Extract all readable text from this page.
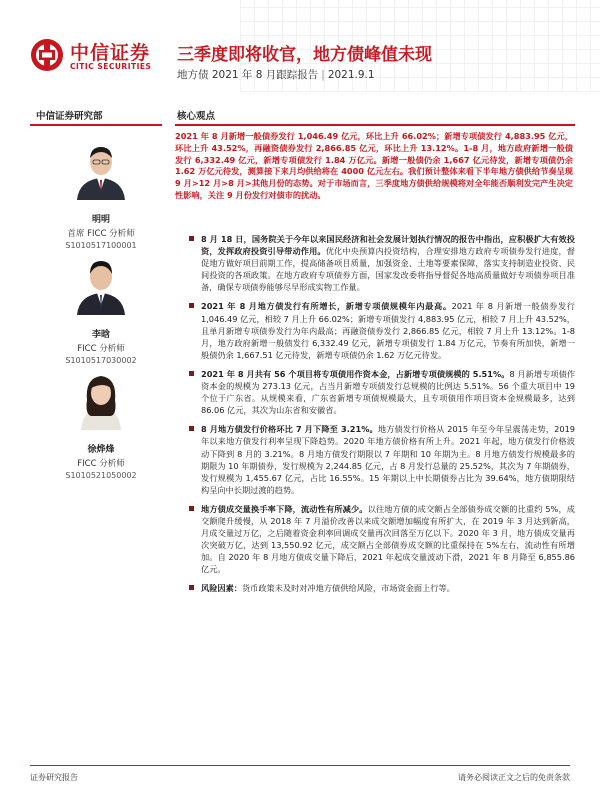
中信证券
CITIC SECURITIES
三季度即将收官，地方债峰值未现
地方债 2021 年 8 月跟踪报告 | 2021.9.1
中信证券研究部	核心观点
明明
首席 FICC 分析师
S1010517100001
李晗
FICC 分析师
S1010517030002
徐烨烽
FICC 分析师
S1010521050002
2021 年 8 月新增一般债券发行 1,046.49 亿元，环比上升 66.02%；新增专项债发行 4,883.95 亿元，环比上升 43.52%，再融资债券发行 2,866.85 亿元，环比上升 13.12%。1-8 月，地方政府新增一般债发行 6,332.49 亿元，新增专项债发行 1.84 万亿元。新增一般债仍余 1,667 亿元待发，新增专项债仍余 1.62 万亿元待发，测算接下来月均供给将在 4000 亿元左右。我们预计整体来看下半年地方债供给节奏呈现 9 月>12 月>8 月>其他月份的态势。对于市场而言，三季度地方债供给规模将对全年能否顺利发完产生决定性影响，关注 9 月份发行对债市的扰动。
8 月 18 日，国务院关于今年以来国民经济和社会发展计划执行情况的报告中指出，应积极扩大有效投资，发挥政府投资引导带动作用。优化中央预算内投资结构，合理安排地方政府专项债券发行进度，督促地方做好项目前期工作，提高储备项目质量，加强资金、土地等要素保障，落实支持制造业投资、民间投资的各项政策。在地方政府专项债券方面，国家发改委将指导督促各地高质量做好专项债券项目准备，确保专项债券能够尽早形成实物工作量。
2021 年 8 月地方债发行有所增长，新增专项债规模年内最高。2021 年 8 月新增一般债券发行 1,046.49 亿元，相较 7 月上升 66.02%；新增专项债发行 4,883.95 亿元，相较 7 月上升 43.52%，且单月新增专项债券发行为年内最高；再融资债券发行 2,866.85 亿元，相较 7 月上升 13.12%。1-8 月，地方政府新增一般债发行 6,332.49 亿元，新增专项债发行 1.84 万亿元，节奏有所加快，新增一般债仍余 1,667.51 亿元待发，新增专项债仍余 1.62 万亿元待发。
2021 年 8 月共有 56 个项目将专项债用作资本金，占新增专项债规模的 5.51%。8 月新增专项债作资本金的规模为 273.13 亿元，占当月新增专项债发行总规模的比例达 5.51%。56 个重大项目中 19 个位于广东省。从规模来看，广东省新增专项债规模最大，且专项债用作项目资本金规模最多，达到 86.06 亿元，其次为山东省和安徽省。
8 月地方债发行价格环比 7 月下降至 3.21%。地方债发行价格从 2015 年至今年呈震荡走势，2019 年以来地方债发行利率呈现下降趋势。2020 年地方债价格有所上升。2021 年起，地方债发行价格波动下降到 8 月的 3.21%。8 月地方债发行期限以 7 年期和 10 年期为主。8 月地方债发行规模最多的期限为 10 年期债券，发行规模为 2,244.85 亿元，占 8 月发行总量的 25.52%，其次为 7 年期债券，发行规模为 1,455.67 亿元，占比 16.55%。15 年期以上中长期债券占比为 39.64%，地方债期限结构呈向中长期过渡的趋势。
地方债成交量换手率下降，流动性有所减少。以往地方债的成交额占全部债券成交额的比重约 5%，成交额爬升缓慢，从 2018 年 7 月溢价改善以来成交额增加幅度有所扩大，在 2019 年 3 月达到新高，月成交量过万亿，之后随着资金利率回调成交量再次回落至万亿以下。2020 年 3 月，地方债成交量再次突破万亿，达到 13,550.92 亿元，成交额占全部债券成交额的比重保持在 5%左右，流动性有所增加。自 2020 年 8 月地方债成交量下降后，2021 年起成交量波动下滑，2021 年 8 月降至 6,855.86 亿元。
风险因素：货币政策未及时对冲地方债供给风险，市场资金面上行等。
证券研究报告	请务必阅读正文之后的免责条款
